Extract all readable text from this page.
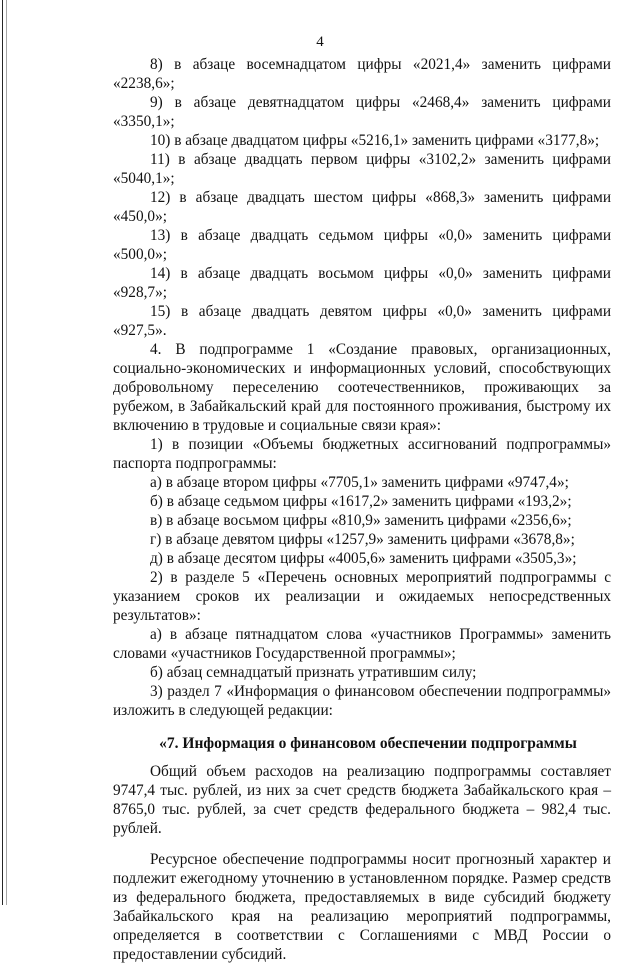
4

8) в абзаце восемнадцатом цифры «2021,4» заменить цифрами «2238,6»;

9) в абзаце девятнадцатом цифры «2468,4» заменить цифрами «3350,1»;

10) в абзаце двадцатом цифры «5216,1» заменить цифрами «3177,8»;

11) в абзаце двадцать первом цифры «3102,2» заменить цифрами «5040,1»;

12) в абзаце двадцать шестом цифры «868,3» заменить цифрами «450,0»;

13) в абзаце двадцать седьмом цифры «0,0» заменить цифрами «500,0»;

14) в абзаце двадцать восьмом цифры «0,0» заменить цифрами «928,7»;

15) в абзаце двадцать девятом цифры «0,0» заменить цифрами «927,5».

4. В подпрограмме 1 «Создание правовых, организационных, социально-экономических и информационных условий, способствующих добровольному переселению соотечественников, проживающих за рубежом, в Забайкальский край для постоянного проживания, быстрому их включению в трудовые и социальные связи края»:

1) в позиции «Объемы бюджетных ассигнований подпрограммы» паспорта подпрограммы:

а) в абзаце втором цифры «7705,1» заменить цифрами «9747,4»;

б) в абзаце седьмом цифры «1617,2» заменить цифрами «193,2»;

в) в абзаце восьмом цифры «810,9» заменить цифрами «2356,6»;

г) в абзаце девятом цифры «1257,9» заменить цифрами «3678,8»;

д) в абзаце десятом цифры «4005,6» заменить цифрами «3505,3»;

2) в разделе 5 «Перечень основных мероприятий подпрограммы с указанием сроков их реализации и ожидаемых непосредственных результатов»:

а) в абзаце пятнадцатом слова «участников Программы» заменить словами «участников Государственной программы»;

б) абзац семнадцатый признать утратившим силу;

3) раздел 7 «Информация о финансовом обеспечении подпрограммы» изложить в следующей редакции:

«7. Информация о финансовом обеспечении подпрограммы

Общий объем расходов на реализацию подпрограммы составляет 9747,4 тыс. рублей, из них за счет средств бюджета Забайкальского края – 8765,0 тыс. рублей, за счет средств федерального бюджета – 982,4 тыс. рублей.

Ресурсное обеспечение подпрограммы носит прогнозный характер и подлежит ежегодному уточнению в установленном порядке. Размер средств из федерального бюджета, предоставляемых в виде субсидий бюджету Забайкальского края на реализацию мероприятий подпрограммы, определяется в соответствии с Соглашениями с МВД России о предоставлении субсидий.
